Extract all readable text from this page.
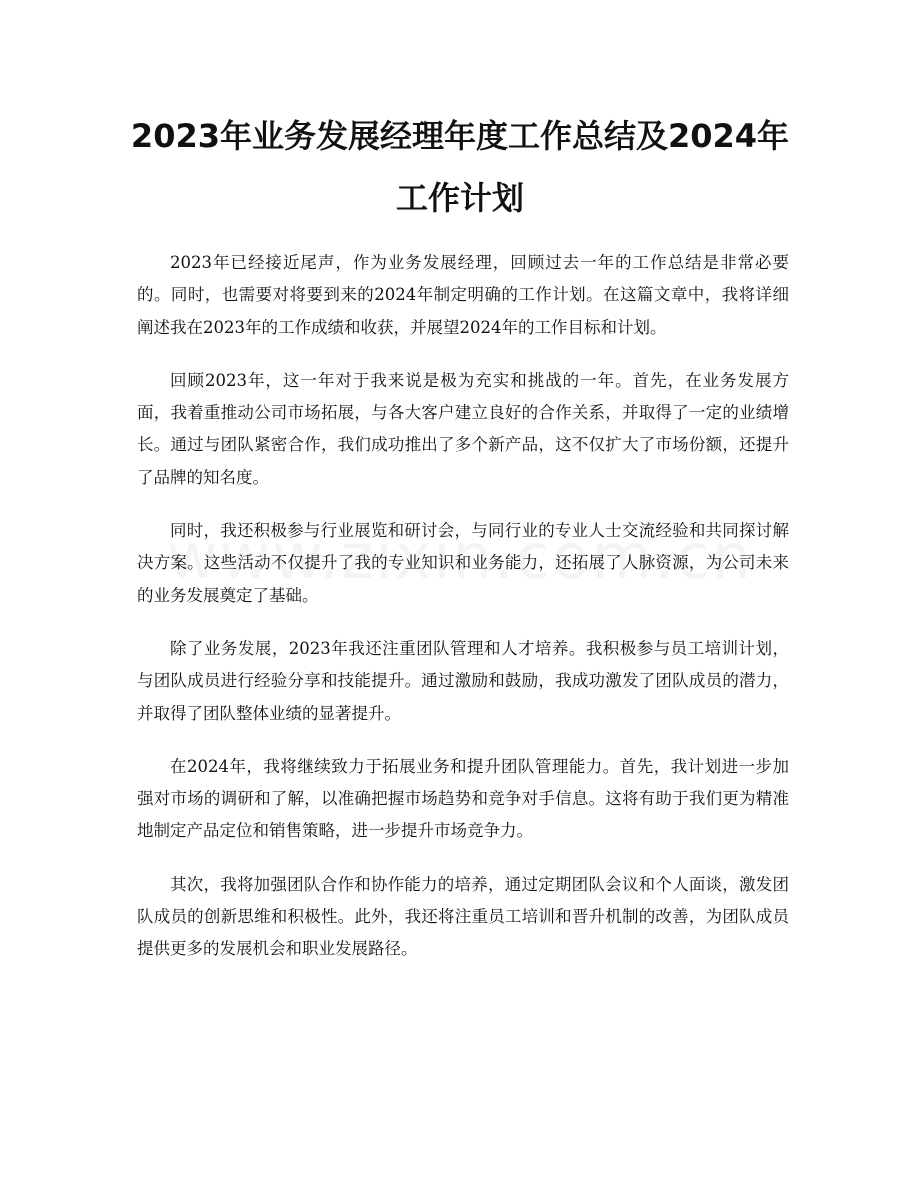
2023年业务发展经理年度工作总结及2024年工作计划

2023年已经接近尾声，作为业务发展经理，回顾过去一年的工作总结是非常必要的。同时，也需要对将要到来的2024年制定明确的工作计划。在这篇文章中，我将详细阐述我在2023年的工作成绩和收获，并展望2024年的工作目标和计划。

回顾2023年，这一年对于我来说是极为充实和挑战的一年。首先，在业务发展方面，我着重推动公司市场拓展，与各大客户建立良好的合作关系，并取得了一定的业绩增长。通过与团队紧密合作，我们成功推出了多个新产品，这不仅扩大了市场份额，还提升了品牌的知名度。

同时，我还积极参与行业展览和研讨会，与同行业的专业人士交流经验和共同探讨解决方案。这些活动不仅提升了我的专业知识和业务能力，还拓展了人脉资源，为公司未来的业务发展奠定了基础。

除了业务发展，2023年我还注重团队管理和人才培养。我积极参与员工培训计划，与团队成员进行经验分享和技能提升。通过激励和鼓励，我成功激发了团队成员的潜力，并取得了团队整体业绩的显著提升。

在2024年，我将继续致力于拓展业务和提升团队管理能力。首先，我计划进一步加强对市场的调研和了解，以准确把握市场趋势和竞争对手信息。这将有助于我们更为精准地制定产品定位和销售策略，进一步提升市场竞争力。

其次，我将加强团队合作和协作能力的培养，通过定期团队会议和个人面谈，激发团队成员的创新思维和积极性。此外，我还将注重员工培训和晋升机制的改善，为团队成员提供更多的发展机会和职业发展路径。
